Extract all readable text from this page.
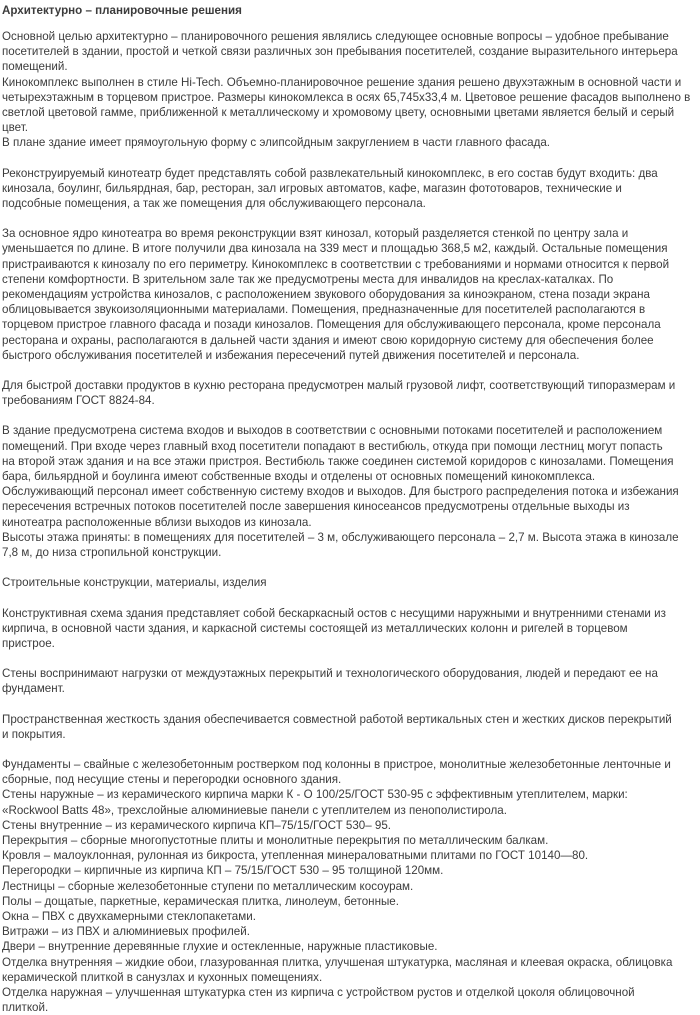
Архитектурно – планировочные решения
Основной целью архитектурно – планировочного решения являлись следующее основные вопросы – удобное пребывание
посетителей в здании, простой и четкой связи различных зон пребывания посетителей, создание выразительного интерьера
помещений.
Кинокомплекс выполнен в стиле Hi-Tech. Объемно-планировочное решение здания решено двухэтажным в основной части и
четырехэтажным в торцевом пристрое. Размеры кинокомлекса в осях 65,745х33,4 м. Цветовое решение фасадов выполнено в
светлой цветовой гамме, приближенной к металлическому и хромовому цвету, основными цветами является белый и серый
цвет.
В плане здание имеет прямоугольную форму с элипсойдным закруглением в части главного фасада.
Реконструируемый кинотеатр будет представлять собой развлекательный кинокомплекс, в его состав будут входить: два
кинозала, боулинг, бильярдная, бар, ресторан, зал игровых автоматов, кафе, магазин фототоваров, технические и
подсобные помещения, а так же помещения для обслуживающего персонала.
За основное ядро кинотеатра во время реконструкции взят кинозал, который разделяется стенкой по центру зала и
уменьшается по длине. В итоге получили два кинозала на 339 мест и площадью 368,5 м2, каждый. Остальные помещения
пристраиваются к кинозалу по его периметру. Кинокомплекс в соответствии с требованиями и нормами относится к первой
степени комфортности. В зрительном зале так же предусмотрены места для инвалидов на креслах-каталках. По
рекомендациям устройства кинозалов, с расположением звукового оборудования за киноэкраном, стена позади экрана
облицовывается звукоизоляционными материалами. Помещения, предназначенные для посетителей располагаются в
торцевом пристрое главного фасада и позади кинозалов. Помещения для обслуживающего персонала, кроме персонала
ресторана и охраны, располагаются в дальней части здания и имеют свою коридорную систему для обеспечения более
быстрого обслуживания посетителей и избежания пересечений путей движения посетителей и персонала.
Для быстрой доставки продуктов в кухню ресторана предусмотрен малый грузовой лифт, соответствующий типоразмерам и
требованиям ГОСТ 8824-84.
В здание предусмотрена система входов и выходов в соответствии с основными потоками посетителей и расположением
помещений. При входе через главный вход посетители попадают в вестибюль, откуда при помощи лестниц могут попасть
на второй этаж здания и на все этажи пристроя. Вестибюль также соединен системой коридоров с кинозалами. Помещения
бара, бильярдной и боулинга имеют собственные входы и отделены от основных помещений кинокомплекса.
Обслуживающий персонал имеет собственную систему входов и выходов. Для быстрого распределения потока и избежания
пересечения встречных потоков посетителей после завершения киносеансов предусмотрены отдельные выходы из
кинотеатра расположенные вблизи выходов из кинозала.
Высоты этажа приняты: в помещениях для посетителей – 3 м, обслуживающего персонала – 2,7 м. Высота этажа в кинозале
7,8 м, до низа стропильной конструкции.
Строительные конструкции, материалы, изделия
Конструктивная схема здания представляет собой бескаркасный остов с несущими наружными и внутренними стенами из
кирпича, в основной части здания, и каркасной системы состоящей из металлических колонн и ригелей в торцевом
пристрое.
Стены воспринимают нагрузки от междуэтажных перекрытий и технологического оборудования, людей и передают ее на
фундамент.
Пространственная жесткость здания обеспечивается совместной работой вертикальных стен и жестких дисков перекрытий
и покрытия.
Фундаменты – свайные с железобетонным ростверком под колонны в пристрое, монолитные железобетонные ленточные и
сборные, под несущие стены и перегородки основного здания.
Стены наружные – из керамического кирпича марки К - О 100/25/ГОСТ 530-95 с эффективным утеплителем, марки:
«Rockwool Batts 48», трехслойные алюминиевые панели с утеплителем из пенополистирола.
Стены внутренние – из керамического кирпича КП–75/15/ГОСТ 530– 95.
Перекрытия – сборные многопустотные плиты и монолитные перекрытия по металлическим балкам.
Кровля – малоуклонная, рулонная из бикроста, утепленная минераловатными плитами по ГОСТ 10140—80.
Перегородки – кирпичные из кирпича КП – 75/15/ГОСТ 530 – 95 толщиной 120мм.
Лестницы – сборные железобетонные ступени по металлическим косоурам.
Полы – дощатые, паркетные, керамическая плитка, линолеум, бетонные.
Окна – ПВХ с двухкамерными стеклопакетами.
Витражи – из ПВХ и алюминиевых профилей.
Двери – внутренние деревянные глухие и остекленные, наружные пластиковые.
Отделка внутренняя – жидкие обои, глазурованная плитка, улучшеная штукатурка, масляная и клеевая окраска, облицовка
керамической плиткой в санузлах и кухонных помещениях.
Отделка наружная – улучшенная штукатурка стен из кирпича с устройством рустов и отделкой цоколя облицовочной
плиткой.
